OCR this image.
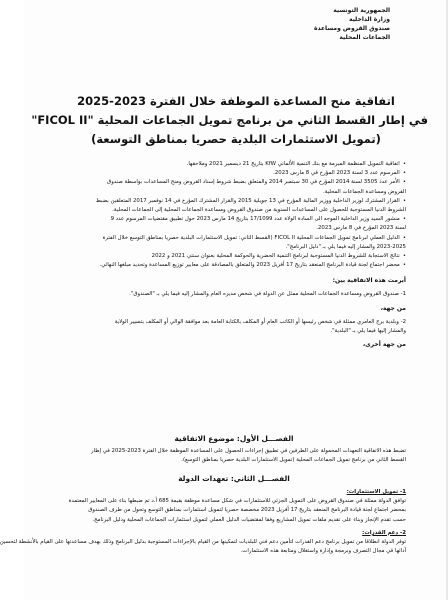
الجمهورية التونسية
وزارة الداخلية
صندوق القروض ومساعدة
الجماعات المحلية
اتفاقية منح المساعدة الموظفة خلال الفترة 2023-2025
في إطار القسط الثاني من برنامج تمويل الجماعات المحلية "FICOL II"
(تمويل الاستثمارات البلدية حصريا بمناطق التوسعة)

• اتفاقية التمويل المنظمة المبرمة مع بنك التنمية الألماني KfW بتاريخ 21 ديسمبر 2021 وملاحقها.

• المرسوم عدد 3 لسنة 2023 المؤرخ في 8 مارس 2023.

• الأمر عدد 3505 لسنة 2014 المؤرخ في 30 سبتمبر 2014 والمتعلق بضبط شروط إسناد القروض ومنح المساعدات بواسطة صندوق

القروض ومساعدة الجماعات المحلية.

• القرار المشترك لوزير الداخلية ووزير المالية المؤرخ في 13 جويلية 2015 والقرار المشترك المؤرخ في 14 نوفمبر 2017 المتعلقين بضبط

الشروط الدنيا المستوجبة للحصول على المساعدات السنوية من صندوق القروض ومساعدة الجماعات المحلية إلى الجماعات المحلية.

• منشور السيد وزير الداخلية الموجه الى السادة الولاة عدد 17/1099 بتاريخ 14 مارس 2023 حول تطبيق مقتضيات المرسوم عدد 9

لسنة 2023 المؤرخ في 8 مارس 2023.

• الدليل العملي لبرنامج تمويل الجماعات المحلية FICOL II (القسط الثاني: تمويل الاستثمارات البلدية حصريا بمناطق التوسع خلال الفترة

2023-2025 والمشار إليه فيما يلي بـ "دليل البرنامج".

• نتائج الاستجابة للشروط الدنيا المستوجبة لبرنامج التنمية الحضرية والحوكمة المحلية بعنوان سنتي 2021 و 2022

• محضر اجتماع لجنة قيادة البرنامج المنعقد بتاريخ 17 أفريل 2023 والمتعلق بالمصادقة على معايير توزيع المساعدة وتحديد مبلغها النهائي.

أبرمت هذه الاتفاقية بين:

1- صندوق القروض ومساعدة الجماعات المحلية ممثل عن الدولة في شخص مديره العام والمشار إليه فيما يلي بـ "الصندوق".

من جهة،

2- وبلدية برج العامري ممثلة في شخص رئيسها أو الكاتب العام أو المكلف بالكتابة العامة بعد موافقة الوالي أو المكلف بتسيير الولاية

والمشار إليها فيما يلي بـ "البلدية".

من جهة أخرى،

الفصـــل الأول: موضوع الاتفاقية

تضبط هذه الاتفاقية التعهدات المحمولة على الطرفين في تطبيق إجراءات الحصول على المساعدة الموظفة خلال الفترة 2023-2025 في إطار

القسط الثاني من برنامج تمويل الجماعات المحلية (تمويل الاستثمارات البلدية حصريا بمناطق التوسع).

الفصـــل الثاني: تعهدات الدولة

1- تمويل الاستثمارات:

توافق الدولة ممثلة في صندوق القروض على التمويل الجزئي للاستثمارات في شكل مساعدة موظفة بقيمة 685 أ.د تم ضبطها بناء على المعايير المعتمدة

بمحضر اجتماع لجنة قيادة البرنامج المنعقد بتاريخ 17 أفريل 2023 مخصصة حصريا لتمويل استثمارات بمناطق التوسع وتحول من طرف الصندوق

حسب تقدم الإنجاز وبناء على تقديم ملفات تمويل المشاريع وفقا لمقتضيات الدليل العملي لتمويل استثمارات الجماعات المحلية ودليل البرنامج.

2- دعم القدرات:

توفر الدولة انطلاقا من تمويل برنامج دعم القدرات لتأمين دعم فني للبلديات لتمكينها من القيام بالإجراءات المستوجبة بدليل البرنامج وذلك بهدف مساعدتها على القيام بالأنشطة لتحسين

آدائها في مجال التصرف وبرمجة وإدارة واستغلال ومتابعة هذه الاستثمارات.
